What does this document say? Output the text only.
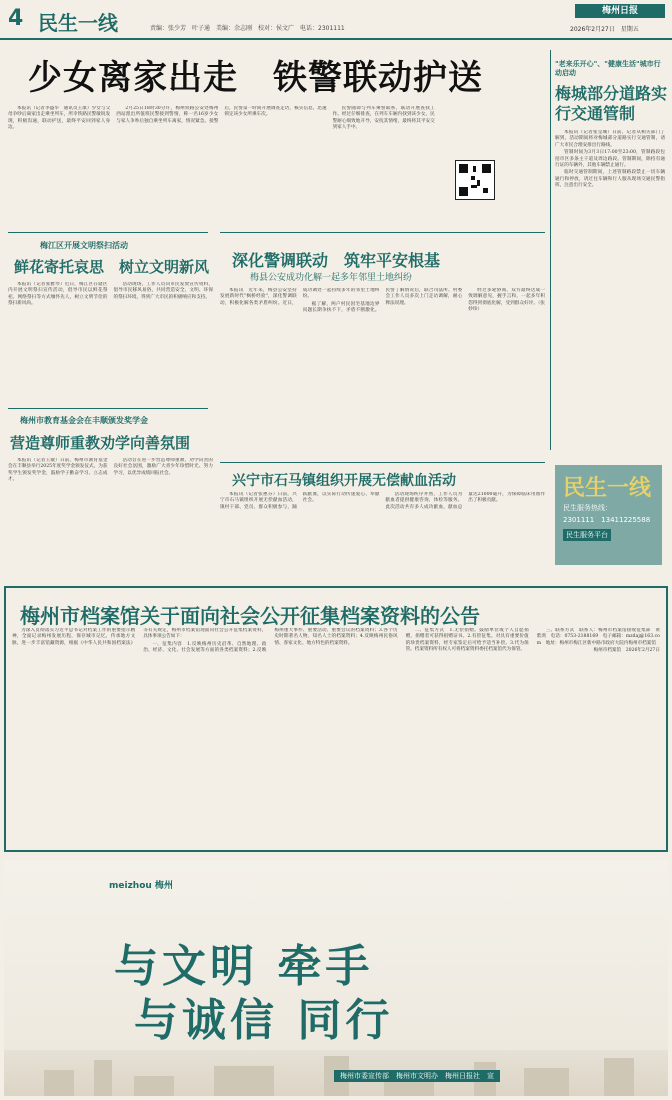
4 民生一线	责编：张少芳　叶子通　美编：余志刚　校对：侯文广　电话：2301111
梅州日报
2026年2月27日　星期五
少女离家出走　铁警联动护送

本报讯（记者李盛华　通讯员王康）少女与父母争吵后离家出走乘坐列车，所幸铁路民警敏锐发现，积极沟通，联动护送，最终平安回到家人身边。

2月25日18时30分许，梅州铁路公安处梅州西站派出所值班民警接到警情，称一名16岁少女与家人争吵后独自乘坐列车离家，情况紧急。接警后，民警第一时间开展调查走访，核实信息，迅速锁定该少女所乘车次。

民警随即与列车乘警联系，联动开展查找工作。经过仔细排查，在列车车厢内找到该少女。民警耐心细致地开导，安抚其情绪，最终将其平安交到家人手中。

"老来乐开心"、"健康生活"城市行动启动
梅城部分道路实行交通管制

本报讯（记者张莹珊）日前，记者从相关部门了解到，活动期间将对梅城部分道路实行交通管制，请广大市民合理安排出行路线。

管制时间为3月3日17:00至23:00，管制路段包括市区多条主干道及周边路段。管制期间，除持有通行证的车辆外，其他车辆禁止通行。

临时交通管制期间，上述管制路段禁止一切车辆通行和停放，请过往车辆和行人服从现场交通民警指挥，注意出行安全。

梅江区开展文明祭扫活动
鲜花寄托哀思　树立文明新风

本报讯（记者张雅琴）近日，梅江区在辖区内开展文明祭扫宣传活动，倡导市民以鲜花祭祀、网络祭扫等方式缅怀先人，树立文明节俭的祭扫新风尚。

活动现场，工作人员向市民发放宣传资料，倡导市民移风易俗，共同营造安全、文明、环保的祭扫环境，得到广大市民的积极响应和支持。

梅州市教育基金会在丰顺颁发奖学金
营造尊师重教劝学向善氛围

本报讯（记者王敏）日前，梅州市教育基金会在丰顺县举行2025年度奖学金颁发仪式，为获奖学生颁发奖学金，鼓励学子勤奋学习、立志成才。

活动旨在进一步营造尊师重教、劝学向善的良好社会氛围，激励广大青少年珍惜时光、努力学习，以优异成绩回报社会。

深化警调联动　筑牢平安根基
梅县公安成功化解一起多年邻里土地纠纷

本报讯　近年来，梅县公安坚持发展新时代"枫桥经验"，深化警调联动，积极化解各类矛盾纠纷。近日，成功调处一起持续多年的邻里土地纠纷。

据了解，两户村民因宅基地边界问题长期争执不下，矛盾不断激化。民警了解情况后，联合司法所、村委会工作人员多次上门走访调解，耐心释法说理。

经过多轮协商，双方最终达成一致调解意见，握手言和，一起多年积怨得到彻底化解，受到群众好评。（张妙珍）

兴宁市石马镇组织开展无偿献血活动

本报讯（记者张惠芬）日前，兴宁市石马镇组织开展无偿献血活动，镇村干部、党员、群众积极参与，踊跃献血，以实际行动传递爱心、奉献社会。

活动现场秩序井然，工作人员为献血者提供健康咨询、体检等服务。此次活动共有多人成功献血，献血总量达21000毫升，为保障临床用血作出了积极贡献。	民生一线
民生服务热线：
2301111　13411225588
民生服务平台
梅州市档案馆关于面向社会公开征集档案资料的公告

为深入贯彻落实习近平总书记对档案工作的重要指示精神，全面记录梅州发展历程，保存城市记忆，传承地方文脉，进一步丰富馆藏资源，根据《中华人民共和国档案法》等有关规定，梅州市档案馆现面向社会公开征集档案资料，具体事项公告如下：

一、征集内容　1.反映梅州历史沿革、自然地理、政治、经济、文化、社会发展等方面的各类档案资料；2.反映梅州重大事件、重要活动、重要会议的档案资料；3.各个历史时期著名人物、知名人士的档案资料；4.反映梅州民俗风情、客家文化、地方特色的档案资料。

二、征集方式　1.无偿捐赠。鼓励单位或个人自愿捐赠，捐赠者可获得捐赠证书。2.有偿征集。对具有重要价值的珍贵档案资料，经专家鉴定后可给予适当补偿。3.代为保管。档案资料所有权人可将档案资料委托档案馆代为保管。

三、联系方式　联系人：梅州市档案馆接收征集部　黄紫鸿　电话：0753-2188169　电子邮箱：mzdaj@163.com　地址：梅州市梅江区新中路市政府大院内梅州市档案馆

梅州市档案馆　2026年2月27日

meizhou 梅州
与文明 牵手
与诚信 同行
梅州市委宣传部　梅州市文明办　梅州日报社　宣
